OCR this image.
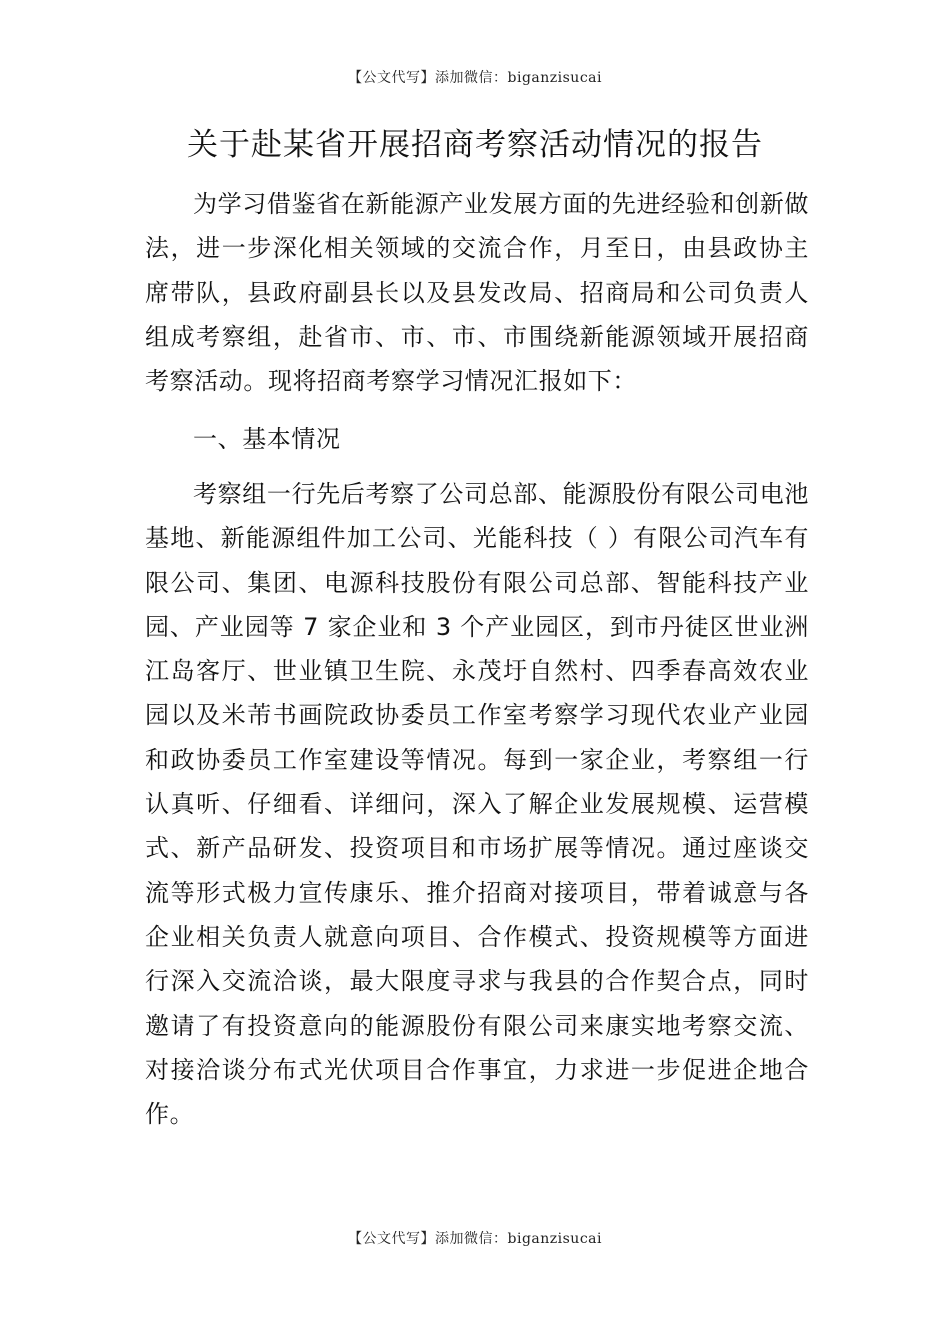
【公文代写】添加微信：biganzisucai
关于赴某省开展招商考察活动情况的报告

为学习借鉴省在新能源产业发展方面的先进经验和创新做法，进一步深化相关领域的交流合作，月至日，由县政协主席带队，县政府副县长以及县发改局、招商局和公司负责人组成考察组，赴省市、市、市、市围绕新能源领域开展招商考察活动。现将招商考察学习情况汇报如下：

一、基本情况

考察组一行先后考察了公司总部、能源股份有限公司电池基地、新能源组件加工公司、光能科技（ ）有限公司汽车有限公司、集团、电源科技股份有限公司总部、智能科技产业园、产业园等 7 家企业和 3 个产业园区，到市丹徒区世业洲江岛客厅、世业镇卫生院、永茂圩自然村、四季春高效农业园以及米芾书画院政协委员工作室考察学习现代农业产业园和政协委员工作室建设等情况。每到一家企业，考察组一行认真听、仔细看、详细问，深入了解企业发展规模、运营模式、新产品研发、投资项目和市场扩展等情况。通过座谈交流等形式极力宣传康乐、推介招商对接项目，带着诚意与各企业相关负责人就意向项目、合作模式、投资规模等方面进行深入交流洽谈，最大限度寻求与我县的合作契合点，同时邀请了有投资意向的能源股份有限公司来康实地考察交流、对接洽谈分布式光伏项目合作事宜，力求进一步促进企地合作。

【公文代写】添加微信：biganzisucai
